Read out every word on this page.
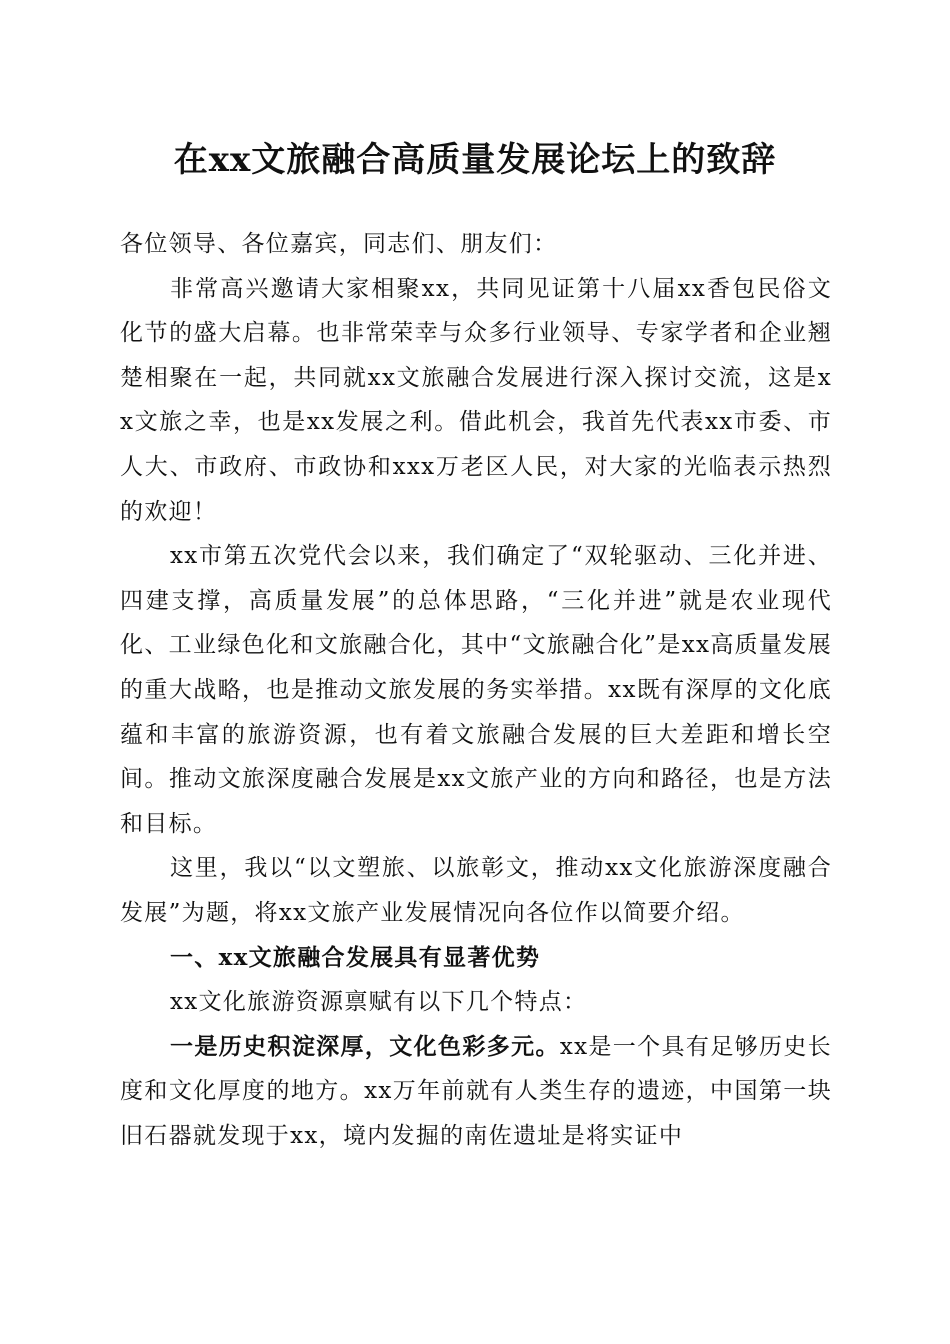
在xx文旅融合高质量发展论坛上的致辞

各位领导、各位嘉宾，同志们、朋友们：

非常高兴邀请大家相聚xx，共同见证第十八届xx香包民俗文化节的盛大启幕。也非常荣幸与众多行业领导、专家学者和企业翘楚相聚在一起，共同就xx文旅融合发展进行深入探讨交流，这是xx文旅之幸，也是xx发展之利。借此机会，我首先代表xx市委、市人大、市政府、市政协和xxx万老区人民，对大家的光临表示热烈的欢迎！

xx市第五次党代会以来，我们确定了“双轮驱动、三化并进、四建支撑，高质量发展”的总体思路，“三化并进”就是农业现代化、工业绿色化和文旅融合化，其中“文旅融合化”是xx高质量发展的重大战略，也是推动文旅发展的务实举措。xx既有深厚的文化底蕴和丰富的旅游资源，也有着文旅融合发展的巨大差距和增长空间。推动文旅深度融合发展是xx文旅产业的方向和路径，也是方法和目标。

这里，我以“以文塑旅、以旅彰文，推动xx文化旅游深度融合发展”为题，将xx文旅产业发展情况向各位作以简要介绍。

一、xx文旅融合发展具有显著优势

xx文化旅游资源禀赋有以下几个特点：

一是历史积淀深厚，文化色彩多元。xx是一个具有足够历史长度和文化厚度的地方。xx万年前就有人类生存的遗迹，中国第一块旧石器就发现于xx，境内发掘的南佐遗址是将实证中
